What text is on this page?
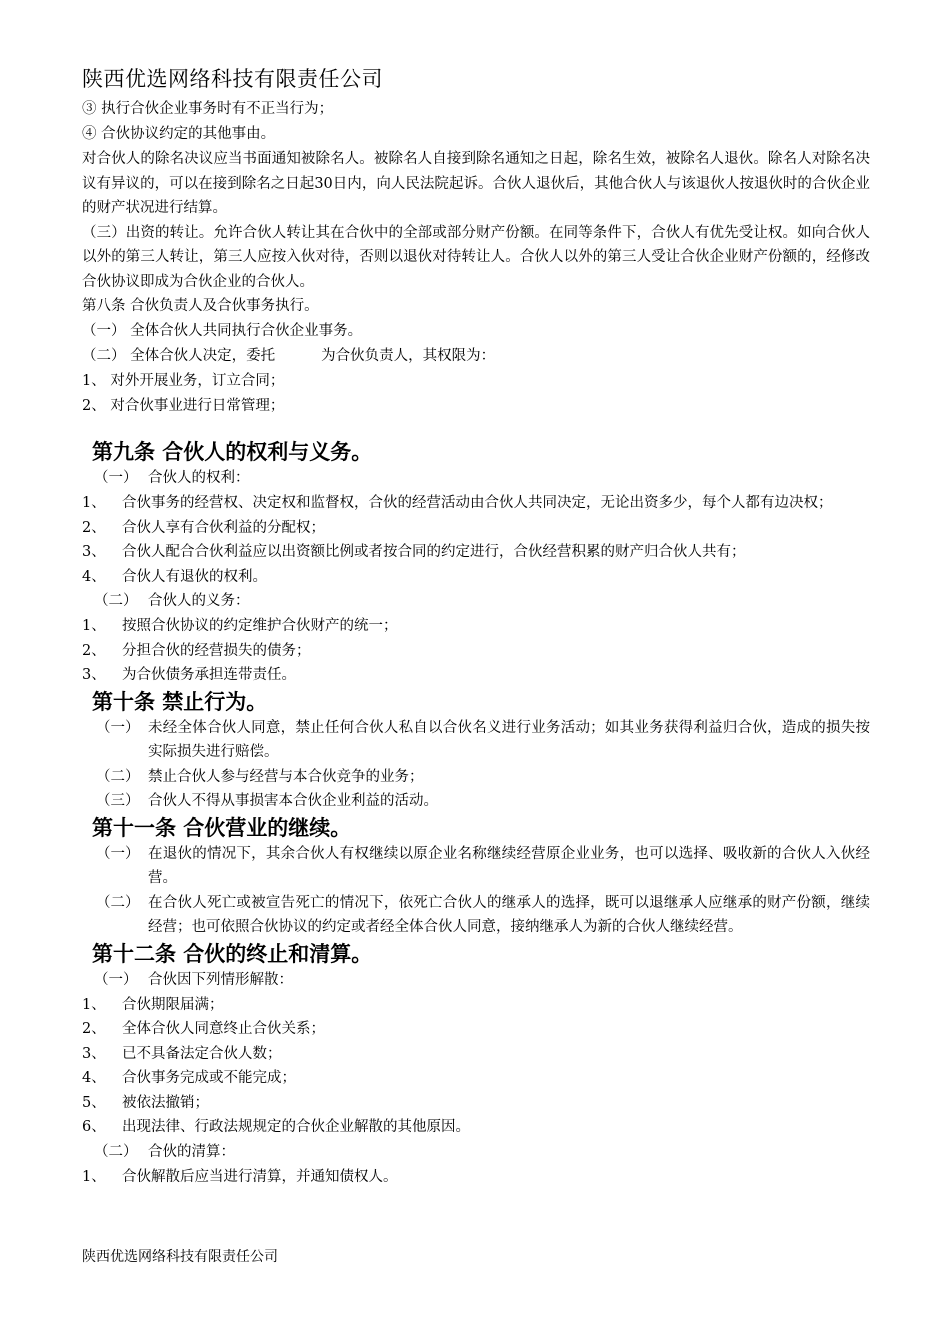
陕西优选网络科技有限责任公司
③ 执行合伙企业事务时有不正当行为；
④ 合伙协议约定的其他事由。
对合伙人的除名决议应当书面通知被除名人。被除名人自接到除名通知之日起，除名生效，被除名人退伙。除名人对除名决议有异议的，可以在接到除名之日起30日内，向人民法院起诉。合伙人退伙后，其他合伙人与该退伙人按退伙时的合伙企业的财产状况进行结算。
（三）出资的转让。允许合伙人转让其在合伙中的全部或部分财产份额。在同等条件下，合伙人有优先受让权。如向合伙人以外的第三人转让，第三人应按入伙对待，否则以退伙对待转让人。合伙人以外的第三人受让合伙企业财产份额的，经修改合伙协议即成为合伙企业的合伙人。
第八条 合伙负责人及合伙事务执行。
（一） 全体合伙人共同执行合伙企业事务。
（二） 全体合伙人决定，委托	为合伙负责人，其权限为：
1、 对外开展业务，订立合同；
2、 对合伙事业进行日常管理；
第九条 合伙人的权利与义务。
（一） 合伙人的权利：
1、 合伙事务的经营权、决定权和监督权，合伙的经营活动由合伙人共同决定，无论出资多少，每个人都有边决权；
2、 合伙人享有合伙利益的分配权；
3、 合伙人配合合伙利益应以出资额比例或者按合同的约定进行，合伙经营积累的财产归合伙人共有；
4、 合伙人有退伙的权利。
（二） 合伙人的义务：
1、 按照合伙协议的约定维护合伙财产的统一；
2、 分担合伙的经营损失的债务；
3、 为合伙债务承担连带责任。
第十条 禁止行为。
（一） 未经全体合伙人同意，禁止任何合伙人私自以合伙名义进行业务活动；如其业务获得利益归合伙，造成的损失按实际损失进行赔偿。
（二） 禁止合伙人参与经营与本合伙竞争的业务；
（三） 合伙人不得从事损害本合伙企业利益的活动。
第十一条 合伙营业的继续。
（一） 在退伙的情况下，其余合伙人有权继续以原企业名称继续经营原企业业务，也可以选择、吸收新的合伙人入伙经营。
（二） 在合伙人死亡或被宣告死亡的情况下，依死亡合伙人的继承人的选择，既可以退继承人应继承的财产份额，继续经营；也可依照合伙协议的约定或者经全体合伙人同意，接纳继承人为新的合伙人继续经营。
第十二条 合伙的终止和清算。
（一） 合伙因下列情形解散：
1、 合伙期限届满；
2、 全体合伙人同意终止合伙关系；
3、 已不具备法定合伙人数；
4、 合伙事务完成或不能完成；
5、 被依法撤销；
6、 出现法律、行政法规规定的合伙企业解散的其他原因。
（二） 合伙的清算：
1、 合伙解散后应当进行清算，并通知债权人。
陕西优选网络科技有限责任公司
